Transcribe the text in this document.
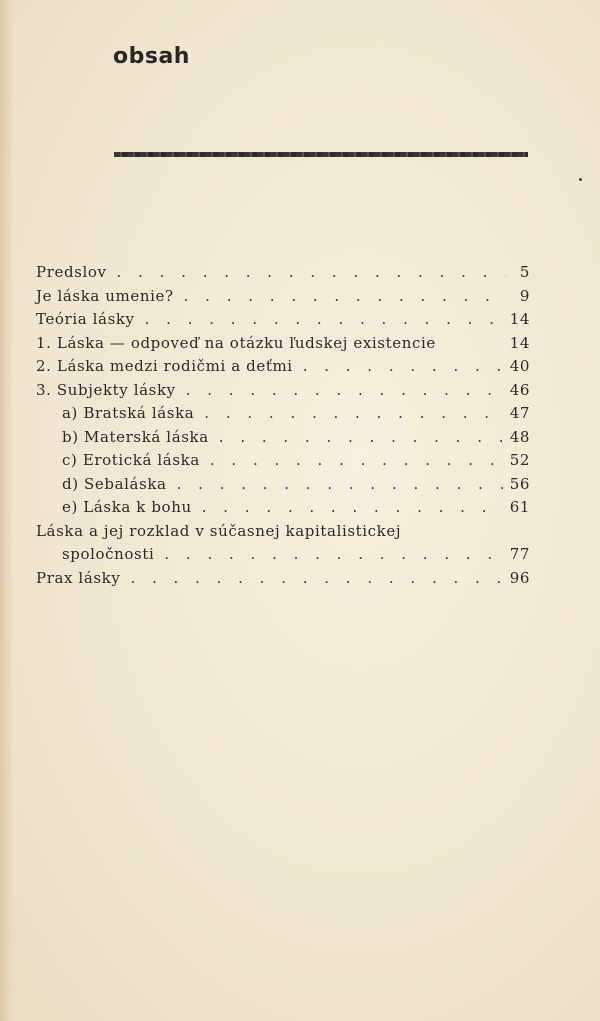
obsah
Predslov . . .	5
Je láska umenie? . . .	9
Teória lásky . . .	14
1. Láska — odpoveď na otázku ľudskej existencie	14
2. Láska medzi rodičmi a deťmi . . .	40
3. Subjekty lásky . . .	46
a) Bratská láska . . .	47
b) Materská láska . . .	48
c) Erotická láska . . .	52
d) Sebaláska . . .	56
e) Láska k bohu . . .	61
Láska a jej rozklad v súčasnej kapitalistickej
spoločnosti . . .	77
Prax lásky . . .	96
